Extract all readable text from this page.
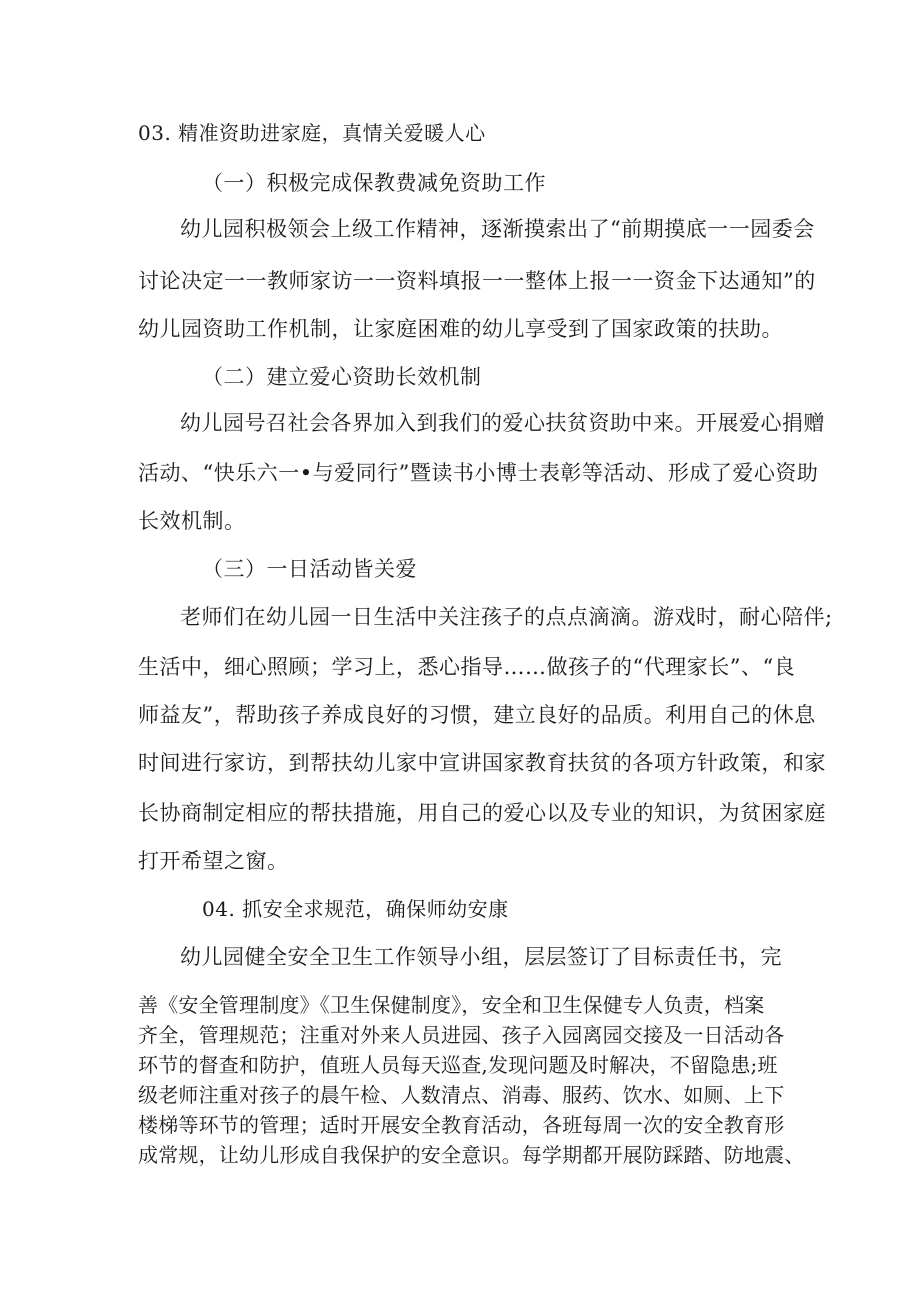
03. 精准资助进家庭，真情关爱暖人心
（一）积极完成保教费减免资助工作
幼儿园积极领会上级工作精神，逐渐摸索出了“前期摸底一一园委会
讨论决定一一教师家访一一资料填报一一整体上报一一资金下达通知”的
幼儿园资助工作机制，让家庭困难的幼儿享受到了国家政策的扶助。
（二）建立爱心资助长效机制
幼儿园号召社会各界加入到我们的爱心扶贫资助中来。开展爱心捐赠
活动、“快乐六一•与爱同行”暨读书小博士表彰等活动、形成了爱心资助
长效机制。
（三）一日活动皆关爱
老师们在幼儿园一日生活中关注孩子的点点滴滴。游戏时，耐心陪伴;
生活中，细心照顾；学习上，悉心指导……做孩子的“代理家长”、“良
师益友”，帮助孩子养成良好的习惯，建立良好的品质。利用自己的休息
时间进行家访，到帮扶幼儿家中宣讲国家教育扶贫的各项方针政策，和家
长协商制定相应的帮扶措施，用自己的爱心以及专业的知识，为贫困家庭
打开希望之窗。
04. 抓安全求规范，确保师幼安康
幼儿园健全安全卫生工作领导小组，层层签订了目标责任书，完
善《安全管理制度》《卫生保健制度》，安全和卫生保健专人负责，档案
齐全，管理规范；注重对外来人员进园、孩子入园离园交接及一日活动各
环节的督查和防护，值班人员每天巡查,发现问题及时解决，不留隐患;班
级老师注重对孩子的晨午检、人数清点、消毒、服药、饮水、如厕、上下
楼梯等环节的管理；适时开展安全教育活动，各班每周一次的安全教育形
成常规，让幼儿形成自我保护的安全意识。每学期都开展防踩踏、防地震、
